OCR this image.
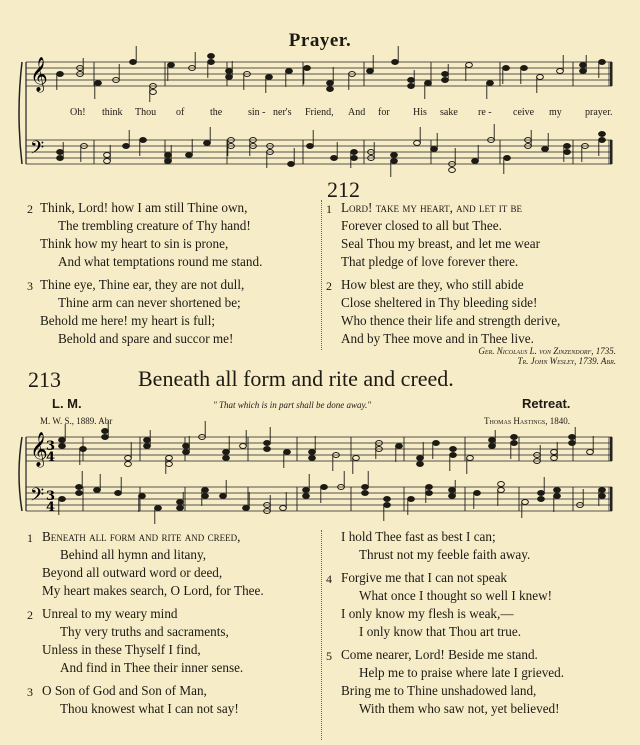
Prayer.
𝄞
𝄢
𝄞
𝄢
3
4
3
4
Oh! think Thou of	the	sin - ner's Friend, And for His sake re - ceive my prayer.
212
2 Think, Lord! how I am still Thine own,
The trembling creature of Thy hand!
Think how my heart to sin is prone,
And what temptations round me stand.
3 Thine eye, Thine ear, they are not dull,
Thine arm can never shortened be;
Behold me here! my heart is full;
Behold and spare and succor me!
1 Lord! take my heart, and let it be
Forever closed to all but Thee.
Seal Thou my breast, and let me wear
That pledge of love forever there.
2 How blest are they, who still abide
Close sheltered in Thy bleeding side!
Who thence their life and strength derive,
And by Thee move and in Thee live.
Ger. Nicolaus L. von Zinzendorf, 1735.
Tr. John Wesley, 1739. Abr.
213	Beneath all form and rite and creed.
L. M.	" That which is in part shall be done away."	Retreat.
M. W. S., 1889. Abr	Thomas Hastings, 1840.
1 Beneath all form and rite and creed,
Behind all hymn and litany,
Beyond all outward word or deed,
My heart makes search, O Lord, for Thee.
2 Unreal to my weary mind
Thy very truths and sacraments,
Unless in these Thyself I find,
And find in Thee their inner sense.
3 O Son of God and Son of Man,
Thou knowest what I can not say!
I hold Thee fast as best I can;
Thrust not my feeble faith away.
4 Forgive me that I can not speak
What once I thought so well I knew!
I only know my flesh is weak,—
I only know that Thou art true.
5 Come nearer, Lord! Beside me stand.
Help me to praise where late I grieved.
Bring me to Thine unshadowed land,
With them who saw not, yet believed!
